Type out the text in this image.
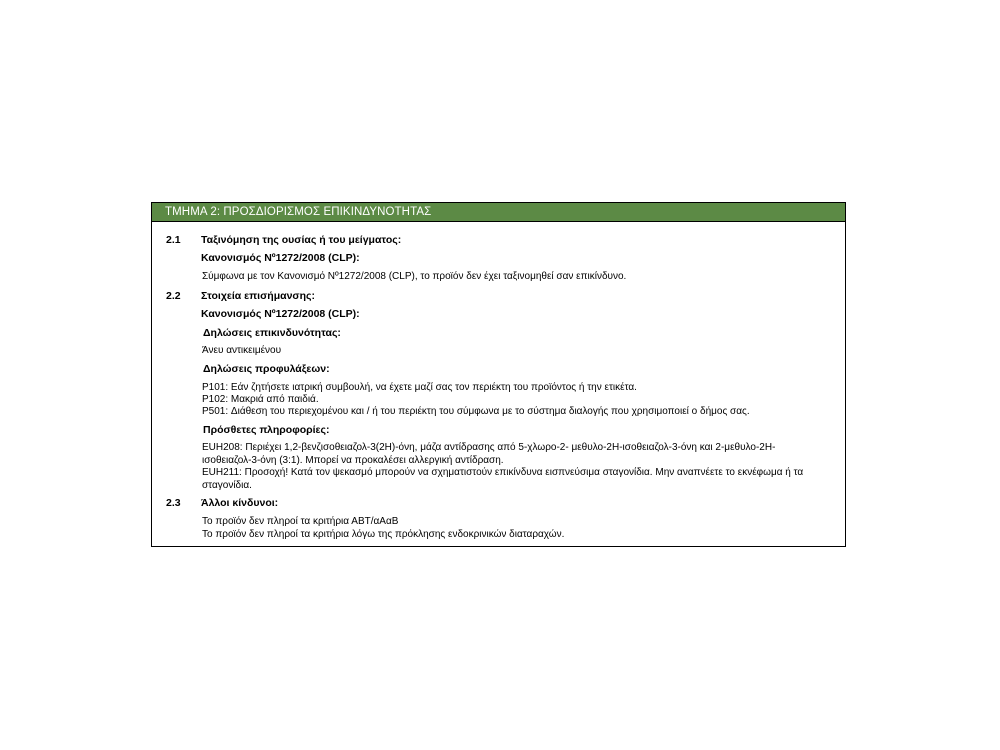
ΤΜΗΜΑ 2: ΠΡΟΣΔΙΟΡΙΣΜΟΣ ΕΠΙΚΙΝΔΥΝΟΤΗΤΑΣ
2.1 Ταξινόμηση της ουσίας ή του μείγματος:
Κανονισμός Nº1272/2008 (CLP):
Σύμφωνα με τον Κανονισμό Nº1272/2008 (CLP), το προϊόν δεν έχει ταξινομηθεί σαν επικίνδυνο.
2.2 Στοιχεία επισήμανσης:
Κανονισμός Nº1272/2008 (CLP):
Δηλώσεις επικινδυνότητας:
Άνευ αντικειμένου
Δηλώσεις προφυλάξεων:
P101: Εάν ζητήσετε ιατρική συμβουλή, να έχετε μαζί σας τον περιέκτη του προϊόντος ή την ετικέτα.
P102: Μακριά από παιδιά.
P501: Διάθεση του περιεχομένου και / ή του περιέκτη του σύμφωνα με το σύστημα διαλογής που χρησιμοποιεί ο δήμος σας.
Πρόσθετες πληροφορίες:
EUH208: Περιέχει 1,2-βενζισοθειαζολ-3(2Η)-όνη, μάζα αντίδρασης από 5-χλωρο-2- μεθυλο-2Η-ισοθειαζολ-3-όνη και 2-μεθυλο-2Η-ισοθειαζολ-3-όνη (3:1). Μπορεί να προκαλέσει αλλεργική αντίδραση.
EUH211: Προσοχή! Κατά τον ψεκασμό μπορούν να σχηματιστούν επικίνδυνα εισπνεύσιμα σταγονίδια. Μην αναπνέετε το εκνέφωμα ή τα σταγονίδια.
2.3 Άλλοι κίνδυνοι:
Το προϊόν δεν πληροί τα κριτήρια ΑΒΤ/αΑαΒ
Το προϊόν δεν πληροί τα κριτήρια λόγω της πρόκλησης ενδοκρινικών διαταραχών.
